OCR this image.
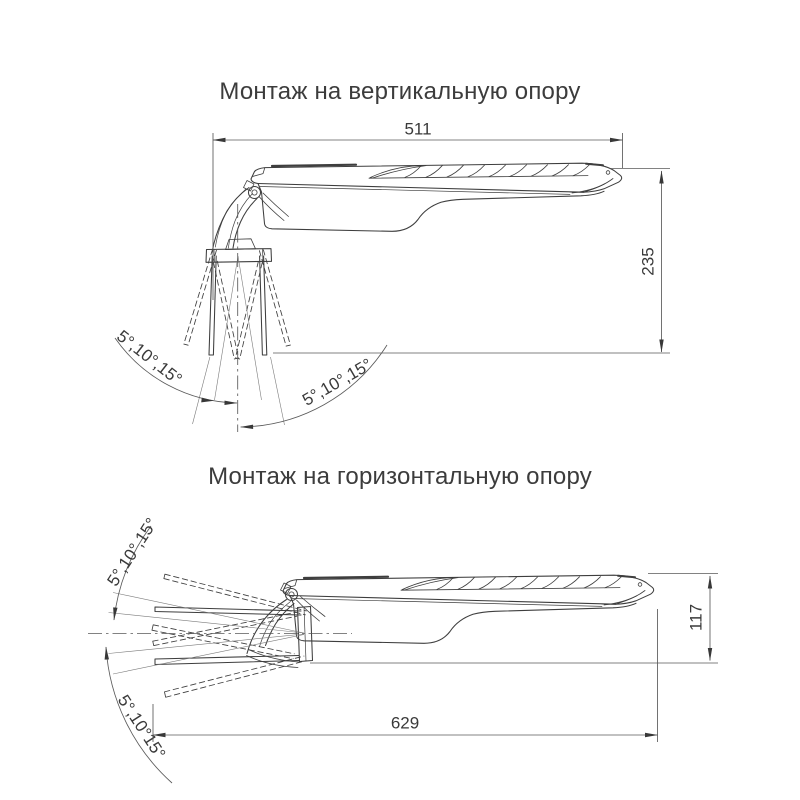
Монтаж на вертикальную опору
Монтаж на горизонтальную опору
5°,10°,15°	5°,10°,15°
511
235
5°,10°,15°
5°,10°15°
117
629
